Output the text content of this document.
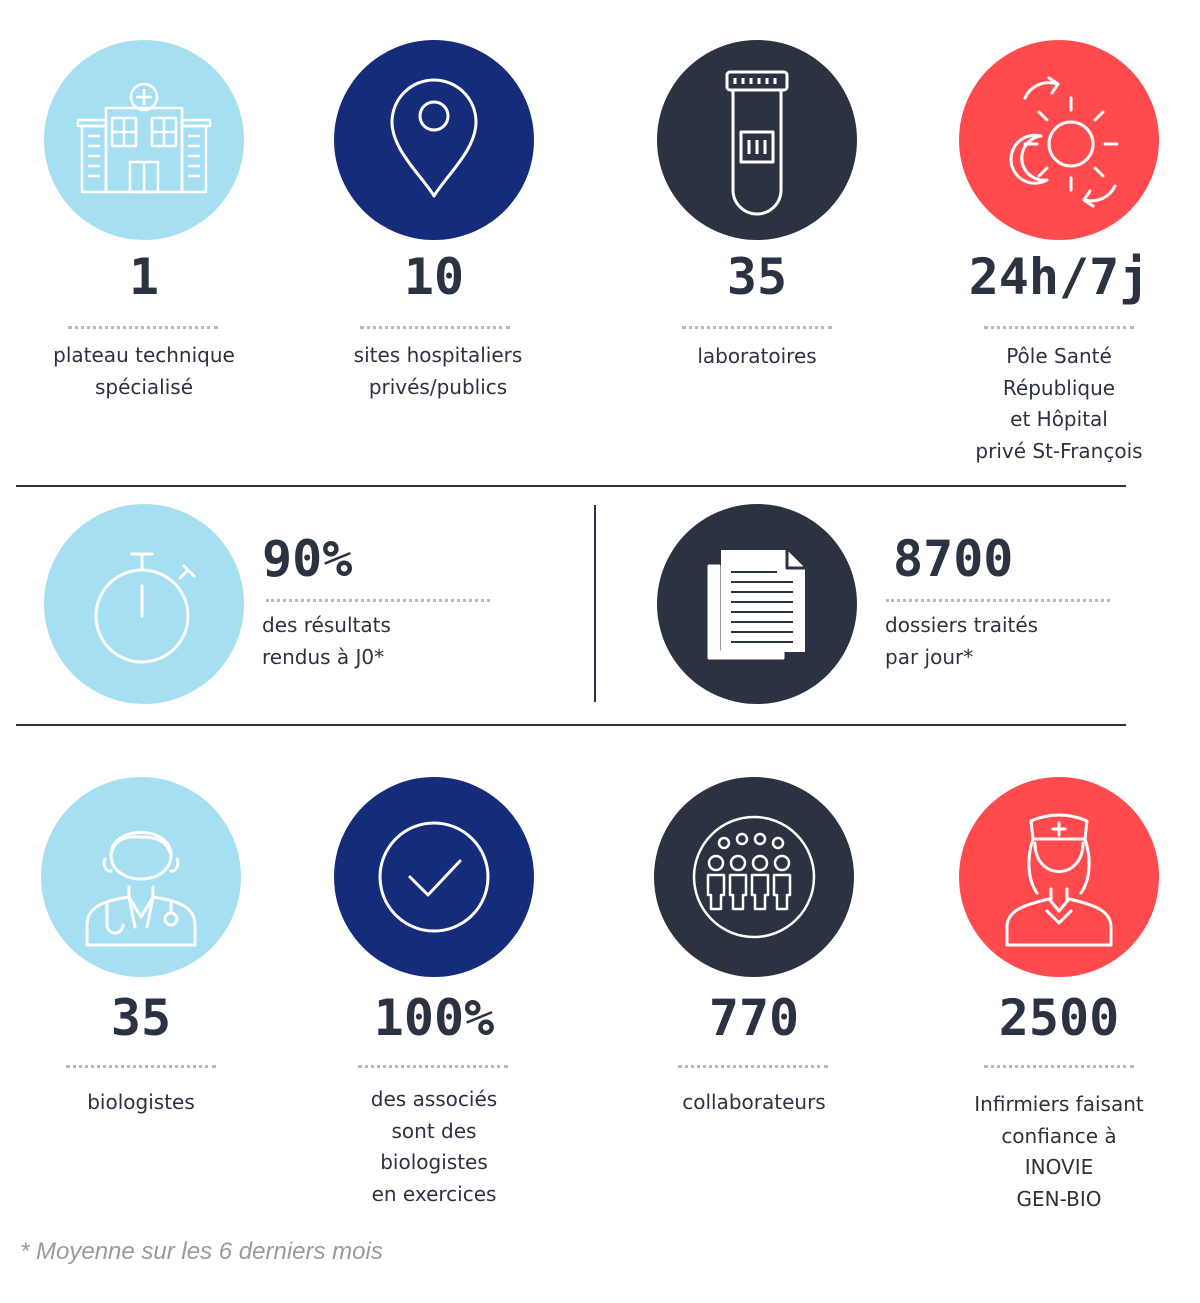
1
plateau technique
spécialisé
10
sites hospitaliers
privés/publics
35
laboratoires
24h/7j
Pôle Santé
République
et Hôpital
privé St-François
90%
des résultats
rendus à J0*
8700
dossiers traités
par jour*
35
biologistes
100%
des associés
sont des
biologistes
en exercices
770
collaborateurs
2500
Infirmiers faisant
confiance à
INOVIE
GEN-BIO
* Moyenne sur les 6 derniers mois
